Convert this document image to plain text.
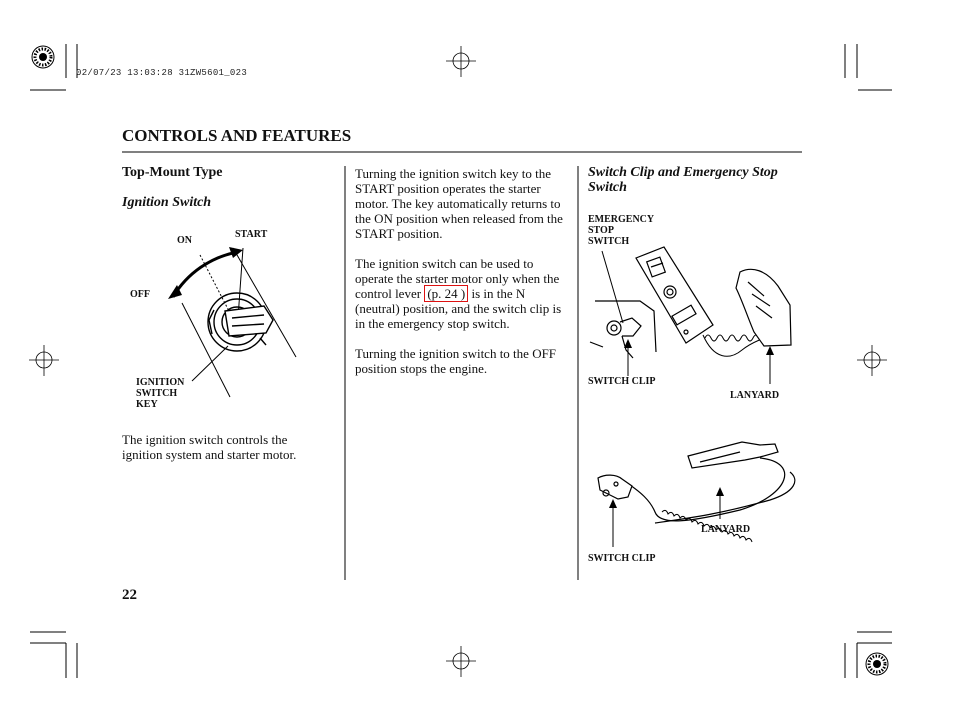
02/07/23 13:03:28 31ZW5601_023
CONTROLS AND FEATURES
Top-Mount Type
Ignition Switch
ON
START
OFF
IGNITION
SWITCH
KEY
The ignition switch controls the ignition system and starter motor.

Turning the ignition switch key to the START position operates the starter motor. The key automatically returns to the ON position when released from the START position.

The ignition switch can be used to operate the starter motor only when the control lever (p. 24 ) is in the N (neutral) position, and the switch clip is in the emergency stop switch.

Turning the ignition switch to the OFF position stops the engine.

Switch Clip and Emergency Stop Switch
EMERGENCY
STOP
SWITCH
SWITCH CLIP
LANYARD
LANYARD
SWITCH CLIP
22
